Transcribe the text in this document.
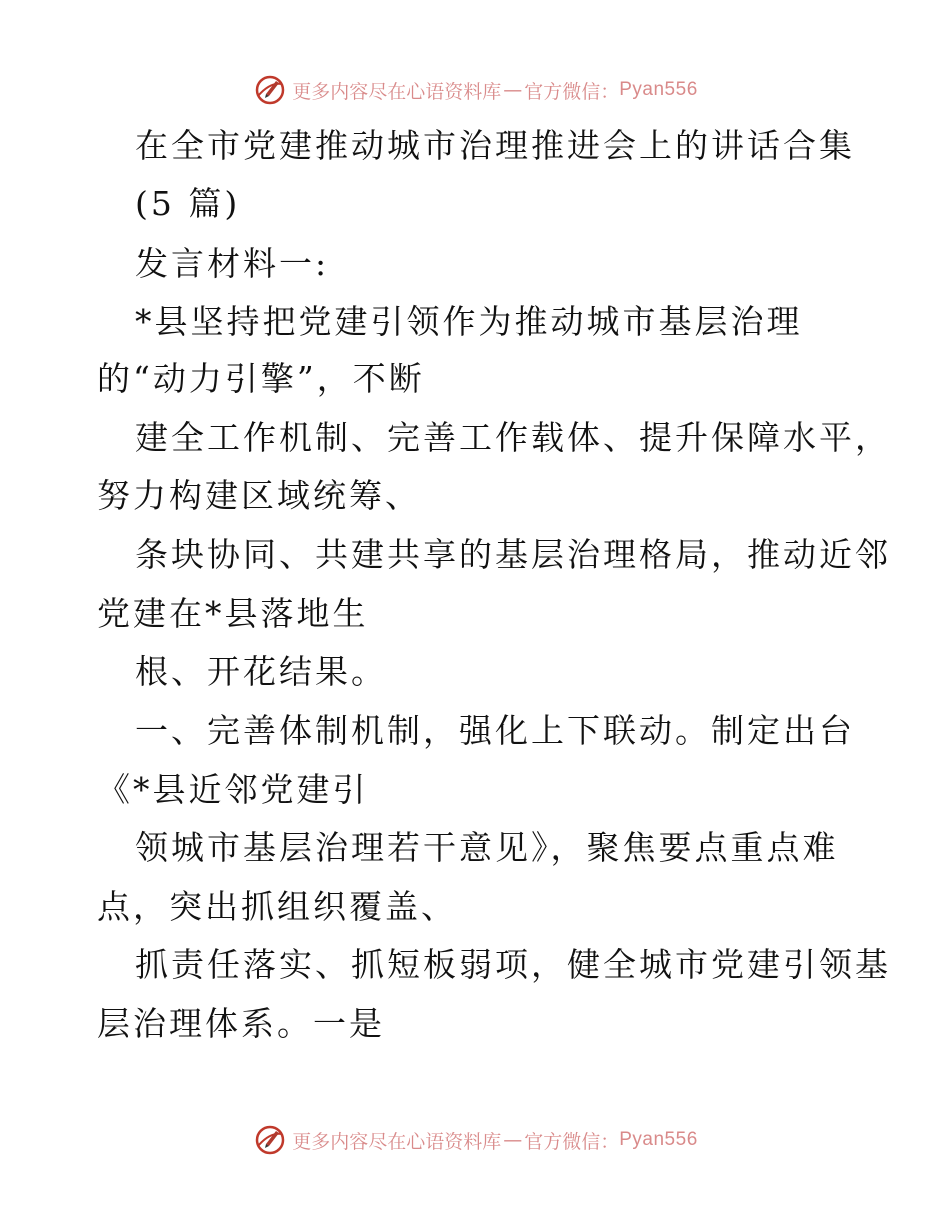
更多内容尽在心语资料库 — 官方微信： Pyan556
在全市党建推动城市治理推进会上的讲话合集
(5 篇)
发言材料一:
*县坚持把党建引领作为推动城市基层治理
的“动力引擎”，不断
建全工作机制、完善工作载体、提升保障水平，
努力构建区域统筹、
条块协同、共建共享的基层治理格局，推动近邻
党建在*县落地生
根、开花结果。
一、完善体制机制，强化上下联动。制定出台
《*县近邻党建引
领城市基层治理若干意见》，聚焦要点重点难
点，突出抓组织覆盖、
抓责任落实、抓短板弱项，健全城市党建引领基
层治理体系。一是
更多内容尽在心语资料库 — 官方微信： Pyan556
